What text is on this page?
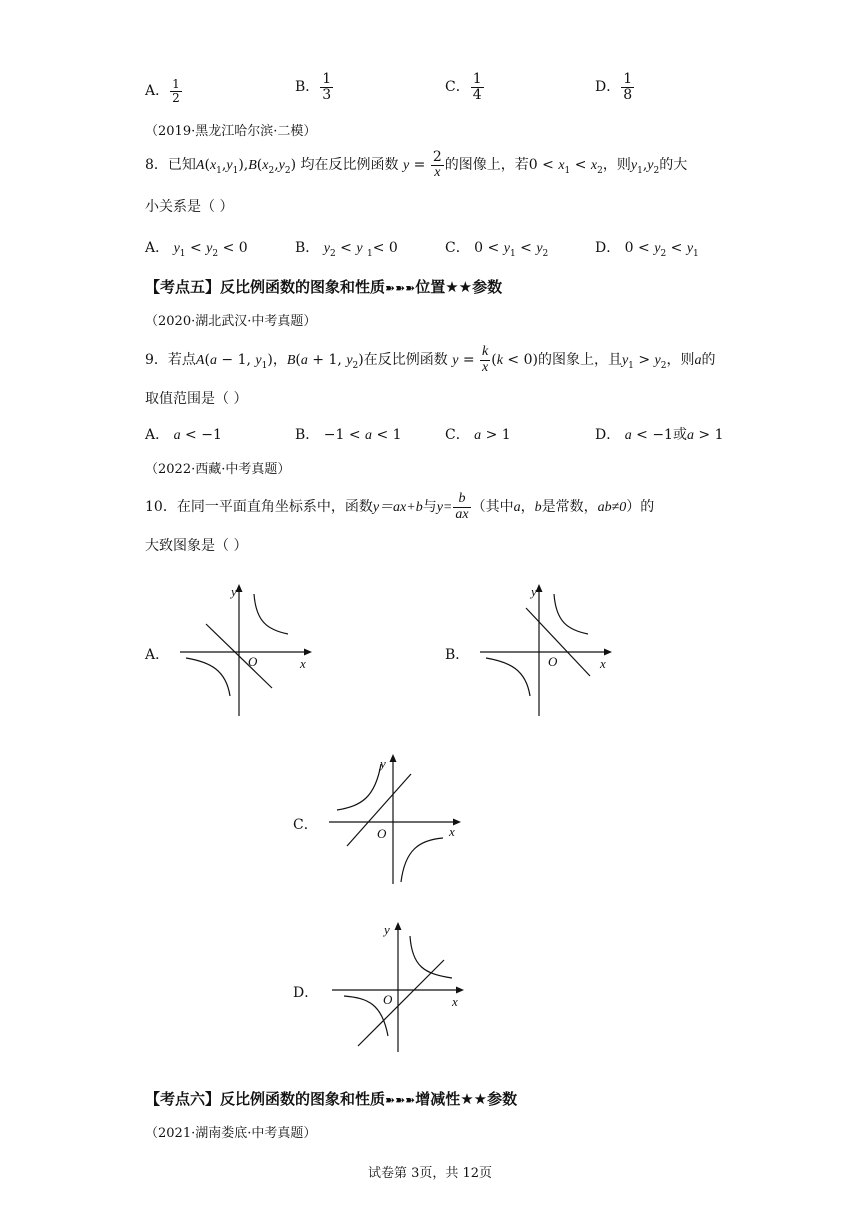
A． $\frac{1}{2}$	B． $\frac{1}{3}$	C． $\frac{1}{4}$	D． $\frac{1}{8}$
（2019·黑龙江哈尔滨·二模）
8．已知$A(x_1,y_1),B(x_2,y_2)$ 均在反比例函数 $y = \frac{2}{x}$ 的图像上，若$0 < x_1 < x_2$，则$y_1,y_2$的大
小关系是（ ）
A． $y_1 < y_2 < 0$	B． $y_2 < y$ $_1$< 0	C． $0 < y_1 < y_2$	D． $0 < y_2 < y_1$
【考点五】反比例函数的图象和性质➽➽➽位置★★参数
（2020·湖北武汉·中考真题）
9．若点A(a − 1, $y_1$)，B(a + 1, $y_2$)在反比例函数 $y = \frac{k}{x} (k < 0)$的图象上，且$y_1 > y_2$，则a的
取值范围是（ ）
A． a < −1	B． −1 < a < 1	C． a > 1	D． a < −1或a > 1
（2022·西藏·中考真题）
10．在同一平面直角坐标系中，函数y＝ax+b与$y= \frac{b}{ax}$ （其中a，b是常数，ab≠0）的
大致图象是（ ）
A．	B．
C．
D．
y
x
O
y
x
O
y
x
O
y
x
O
【考点六】反比例函数的图象和性质➽➽➽增减性★★参数
（2021·湖南娄底·中考真题）
试卷第 3页，共 12页
